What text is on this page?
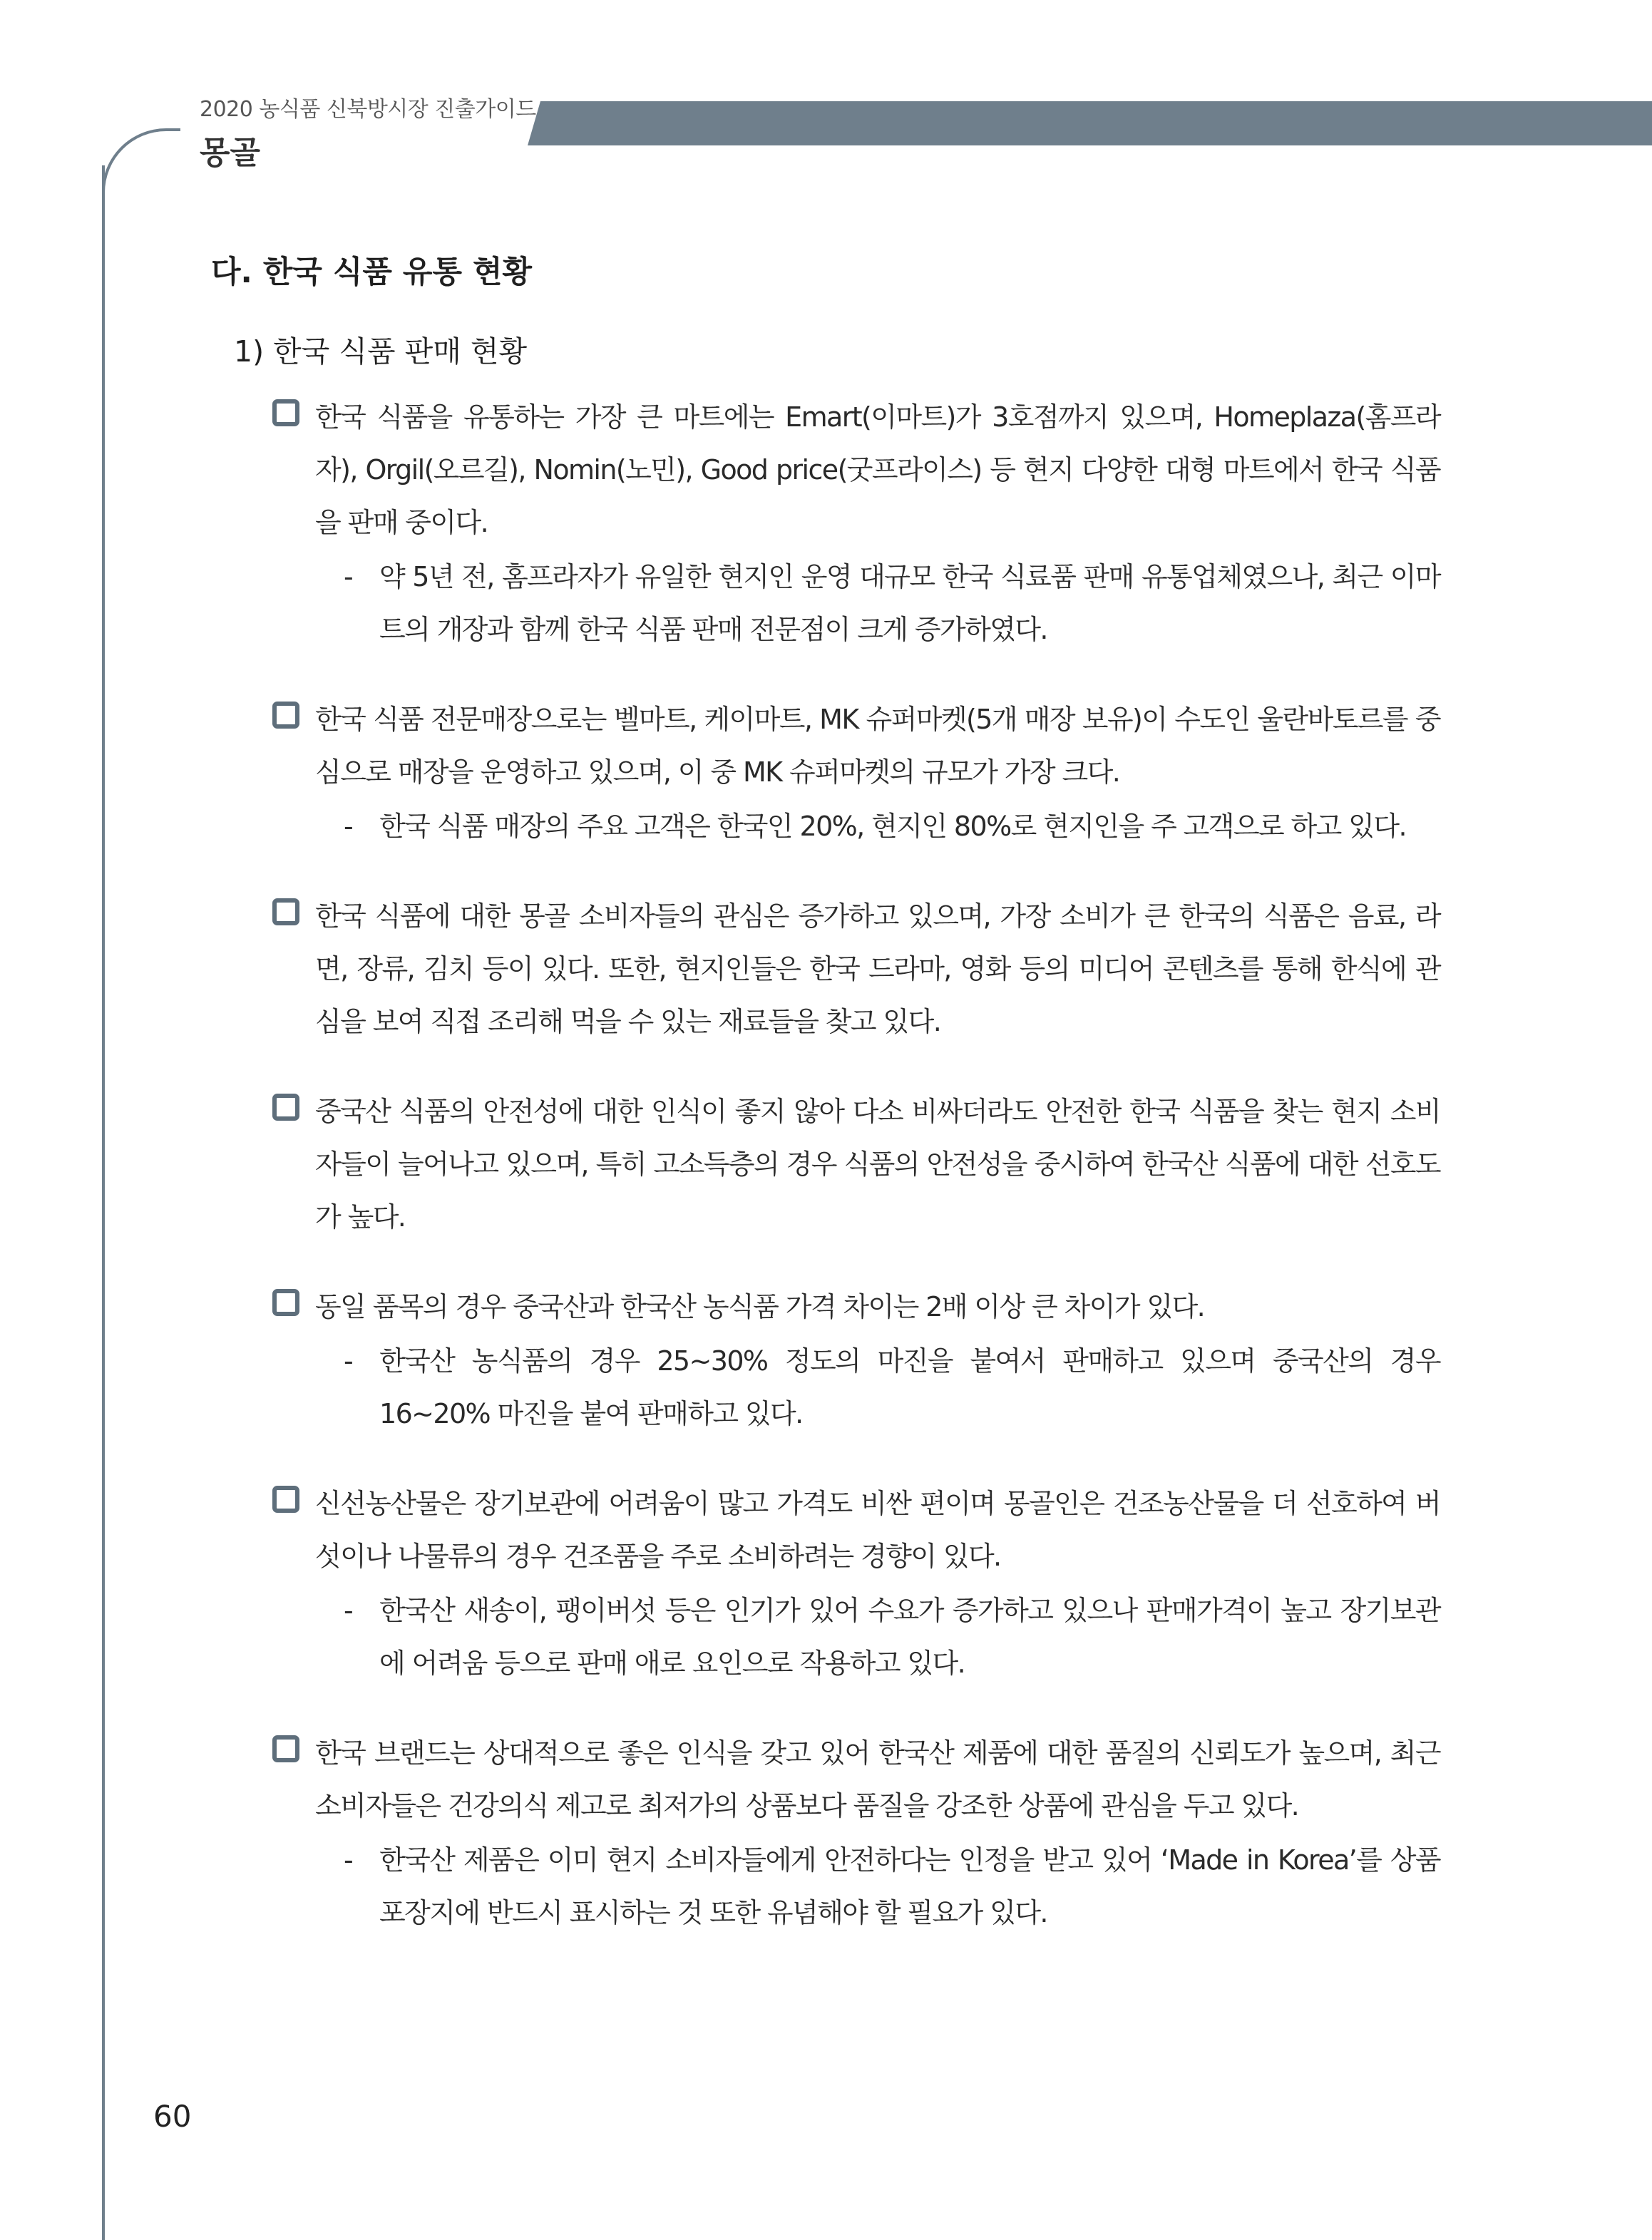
2020 농식품 신북방시장 진출가이드
몽골
다. 한국 식품 유통 현황
1) 한국 식품 판매 현황
한국 식품을 유통하는 가장 큰 마트에는 Emart(이마트)가 3호점까지 있으며, Homeplaza(홈프라자), Orgil(오르길), Nomin(노민), Good price(굿프라이스) 등 현지 다양한 대형 마트에서 한국 식품을 판매 중이다.
- 약 5년 전, 홈프라자가 유일한 현지인 운영 대규모 한국 식료품 판매 유통업체였으나, 최근 이마트의 개장과 함께 한국 식품 판매 전문점이 크게 증가하였다.
한국 식품 전문매장으로는 벨마트, 케이마트, MK 슈퍼마켓(5개 매장 보유)이 수도인 울란바토르를 중심으로 매장을 운영하고 있으며, 이 중 MK 슈퍼마켓의 규모가 가장 크다.
- 한국 식품 매장의 주요 고객은 한국인 20%, 현지인 80%로 현지인을 주 고객으로 하고 있다.
한국 식품에 대한 몽골 소비자들의 관심은 증가하고 있으며, 가장 소비가 큰 한국의 식품은 음료, 라면, 장류, 김치 등이 있다. 또한, 현지인들은 한국 드라마, 영화 등의 미디어 콘텐츠를 통해 한식에 관심을 보여 직접 조리해 먹을 수 있는 재료들을 찾고 있다.
중국산 식품의 안전성에 대한 인식이 좋지 않아 다소 비싸더라도 안전한 한국 식품을 찾는 현지 소비자들이 늘어나고 있으며, 특히 고소득층의 경우 식품의 안전성을 중시하여 한국산 식품에 대한 선호도가 높다.
동일 품목의 경우 중국산과 한국산 농식품 가격 차이는 2배 이상 큰 차이가 있다.
- 한국산 농식품의 경우 25~30% 정도의 마진을 붙여서 판매하고 있으며 중국산의 경우 16~20% 마진을 붙여 판매하고 있다.
신선농산물은 장기보관에 어려움이 많고 가격도 비싼 편이며 몽골인은 건조농산물을 더 선호하여 버섯이나 나물류의 경우 건조품을 주로 소비하려는 경향이 있다.
- 한국산 새송이, 팽이버섯 등은 인기가 있어 수요가 증가하고 있으나 판매가격이 높고 장기보관에 어려움 등으로 판매 애로 요인으로 작용하고 있다.
한국 브랜드는 상대적으로 좋은 인식을 갖고 있어 한국산 제품에 대한 품질의 신뢰도가 높으며, 최근 소비자들은 건강의식 제고로 최저가의 상품보다 품질을 강조한 상품에 관심을 두고 있다.
- 한국산 제품은 이미 현지 소비자들에게 안전하다는 인정을 받고 있어 ‘Made in Korea’를 상품 포장지에 반드시 표시하는 것 또한 유념해야 할 필요가 있다.
60
